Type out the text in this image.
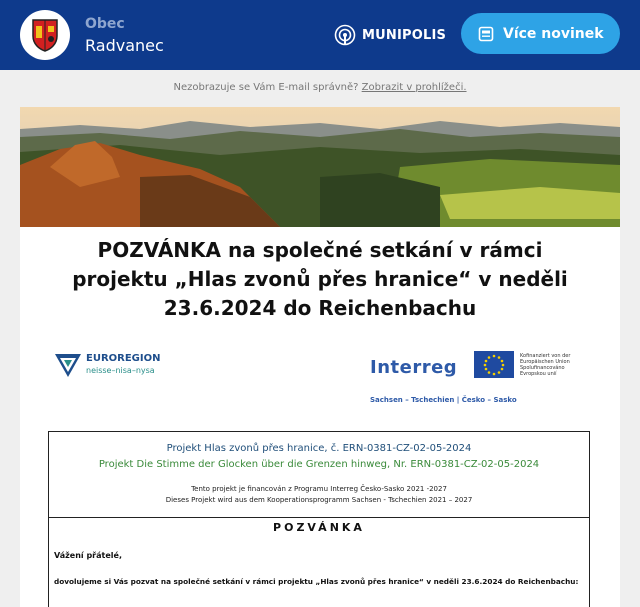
Obec
Radvanec
MUNIPOLIS	Více novinek
Nezobrazuje se Vám E-mail správně? Zobrazit v prohlížeči.
POZVÁNKA na společné setkání v rámci projektu „Hlas zvonů přes hranice“ v neděli 23.6.2024 do Reichenbachu
EUROREGION
neisse–nisa–nysa	Interreg
Kofinanziert von der Europäischen Union Spolufinancováno Evropskou unií
Sachsen – Tschechien | Česko – Sasko
Projekt Hlas zvonů přes hranice, č. ERN-0381-CZ-02-05-2024
Projekt Die Stimme der Glocken über die Grenzen hinweg, Nr. ERN-0381-CZ-02-05-2024
Tento projekt je financován z Programu Interreg Česko-Sasko 2021 -2027
Dieses Projekt wird aus dem Kooperationsprogramm Sachsen - Tschechien 2021 – 2027
POZVÁNKA
Vážení přátelé,
dovolujeme si Vás pozvat na společné setkání v rámci projektu „Hlas zvonů přes hranice“ v neděli 23.6.2024 do Reichenbachu:
